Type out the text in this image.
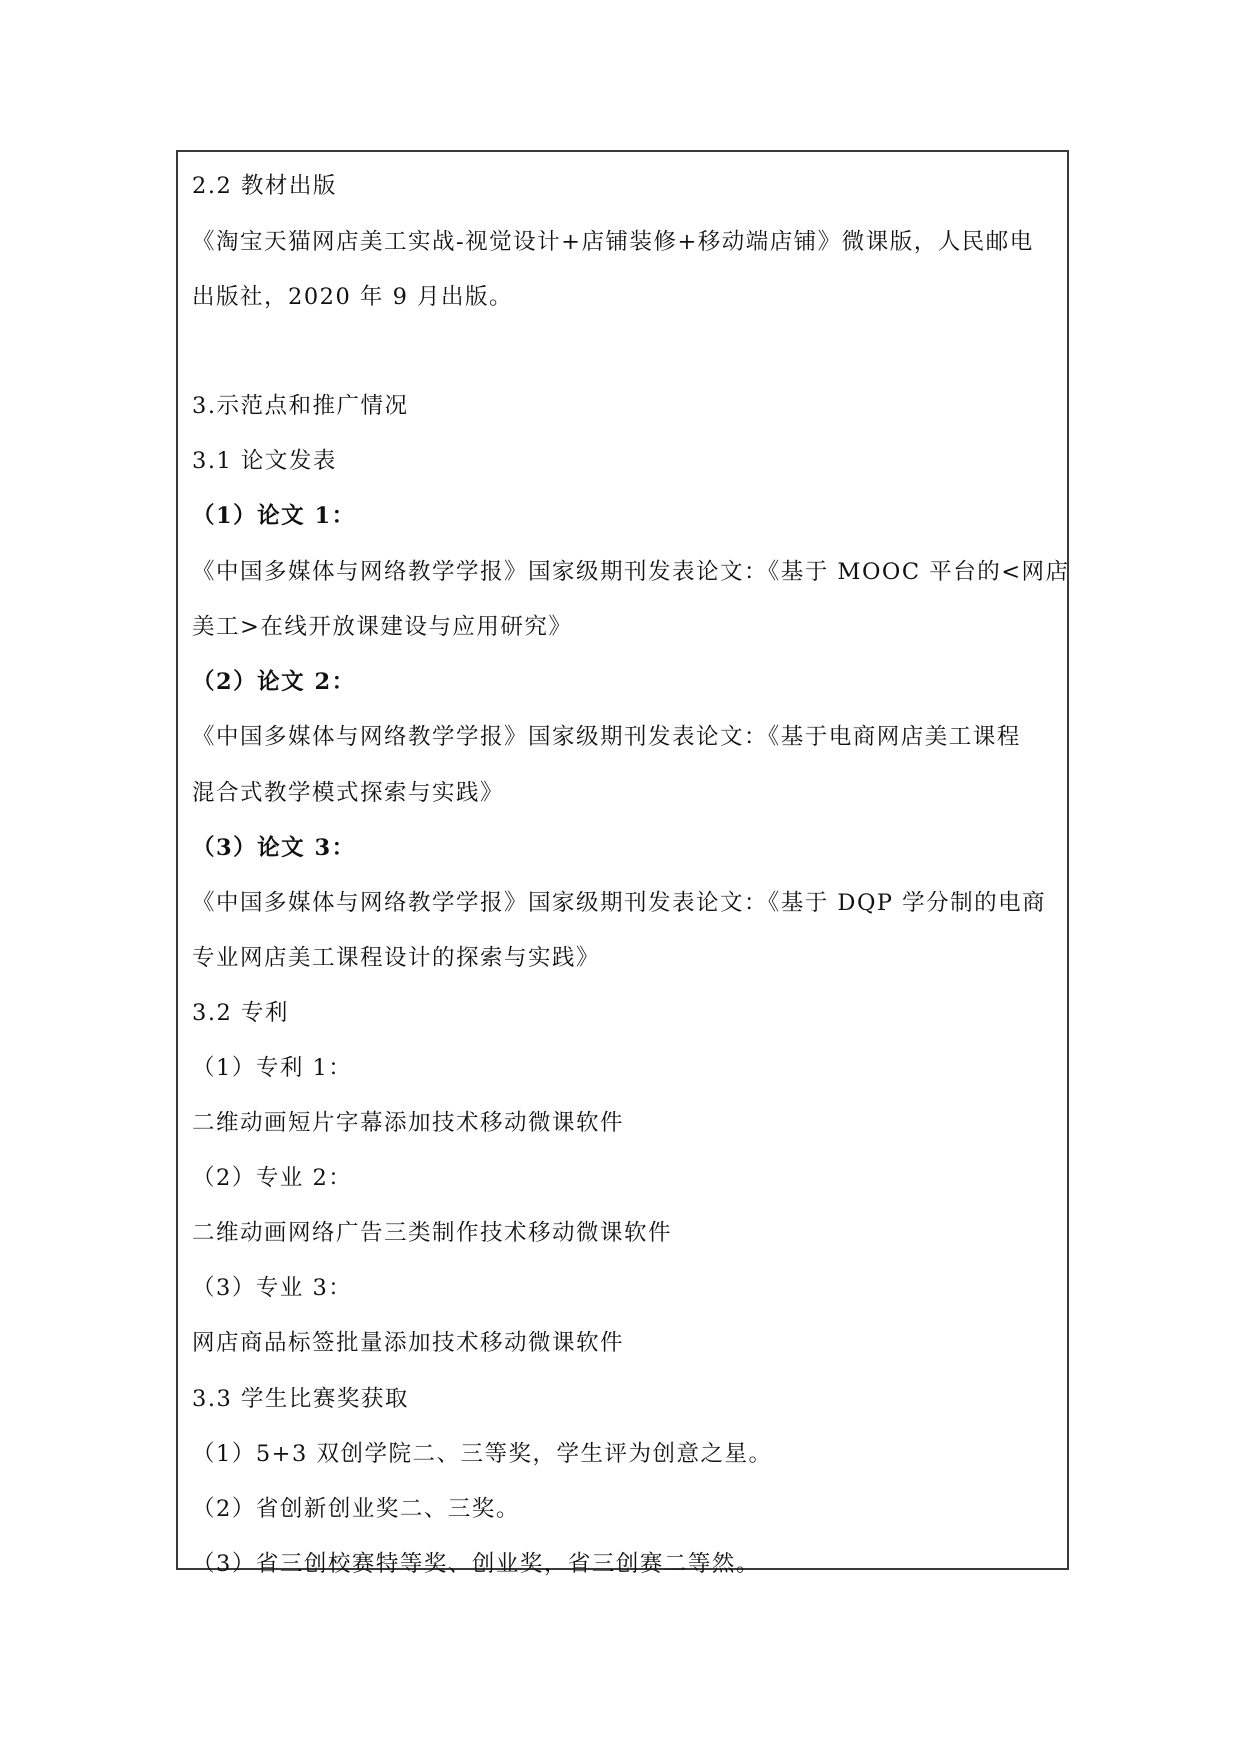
2.2 教材出版
《淘宝天猫网店美工实战-视觉设计+店铺装修+移动端店铺》微课版，人民邮电
出版社，2020 年 9 月出版。
3.示范点和推广情况
3.1 论文发表
（1）论文 1：
《中国多媒体与网络教学学报》国家级期刊发表论文：《基于 MOOC 平台的<网店
美工>在线开放课建设与应用研究》
（2）论文 2：
《中国多媒体与网络教学学报》国家级期刊发表论文：《基于电商网店美工课程
混合式教学模式探索与实践》
（3）论文 3：
《中国多媒体与网络教学学报》国家级期刊发表论文：《基于 DQP 学分制的电商
专业网店美工课程设计的探索与实践》
3.2 专利
（1）专利 1：
二维动画短片字幕添加技术移动微课软件
（2）专业 2：
二维动画网络广告三类制作技术移动微课软件
（3）专业 3：
网店商品标签批量添加技术移动微课软件
3.3 学生比赛奖获取
（1）5+3 双创学院二、三等奖，学生评为创意之星。
（2）省创新创业奖二、三奖。
（3）省三创校赛特等奖、创业奖，省三创赛二等然。
